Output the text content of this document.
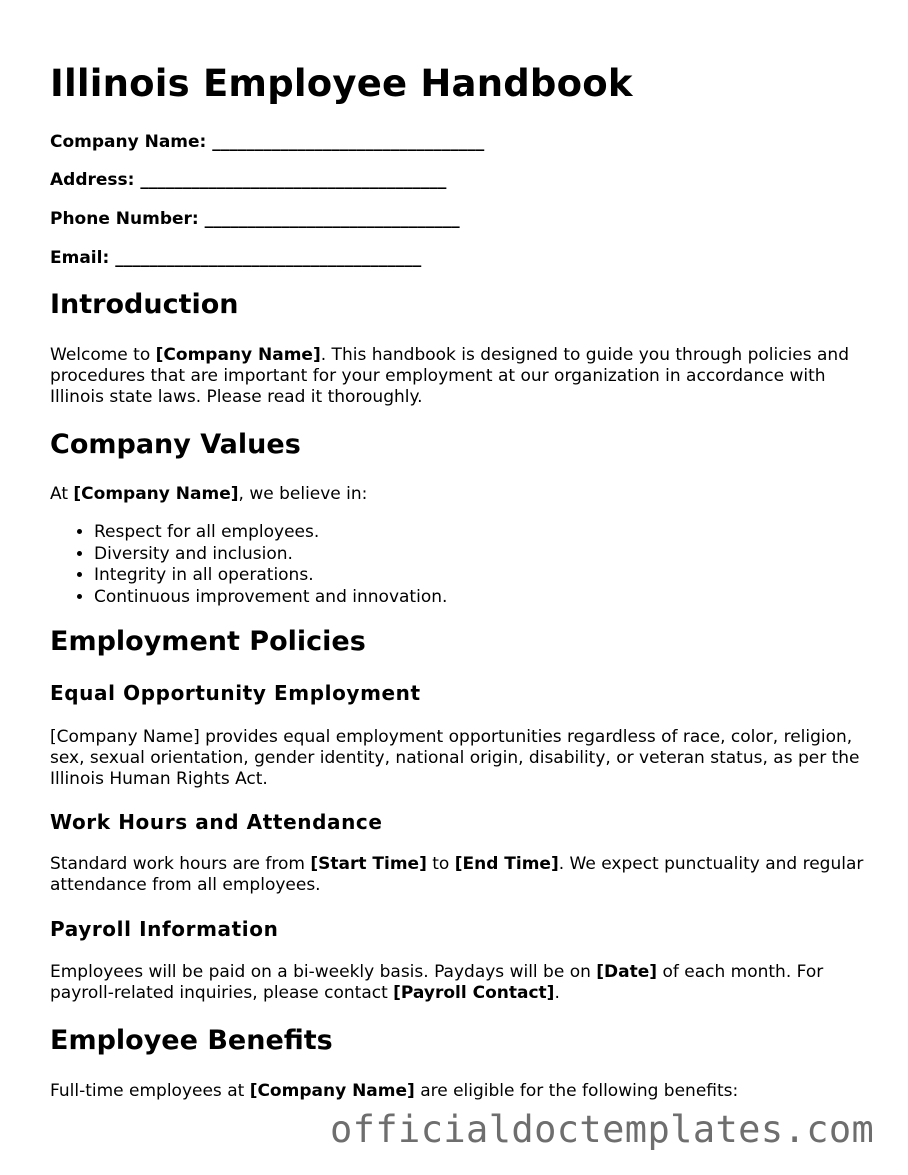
Illinois Employee Handbook

Company Name: ________________________________

Address: ____________________________________

Phone Number: ______________________________

Email: ____________________________________

Introduction

Welcome to [Company Name]. This handbook is designed to guide you through policies and procedures that are important for your employment at our organization in accordance with Illinois state laws. Please read it thoroughly.

Company Values

At [Company Name], we believe in:

• Respect for all employees.
• Diversity and inclusion.
• Integrity in all operations.
• Continuous improvement and innovation.
Employment Policies
Equal Opportunity Employment

[Company Name] provides equal employment opportunities regardless of race, color, religion, sex, sexual orientation, gender identity, national origin, disability, or veteran status, as per the Illinois Human Rights Act.

Work Hours and Attendance

Standard work hours are from [Start Time] to [End Time]. We expect punctuality and regular attendance from all employees.

Payroll Information

Employees will be paid on a bi-weekly basis. Paydays will be on [Date] of each month. For payroll-related inquiries, please contact [Payroll Contact].

Employee Benefits

Full-time employees at [Company Name] are eligible for the following benefits:

officialdoctemplates.com
